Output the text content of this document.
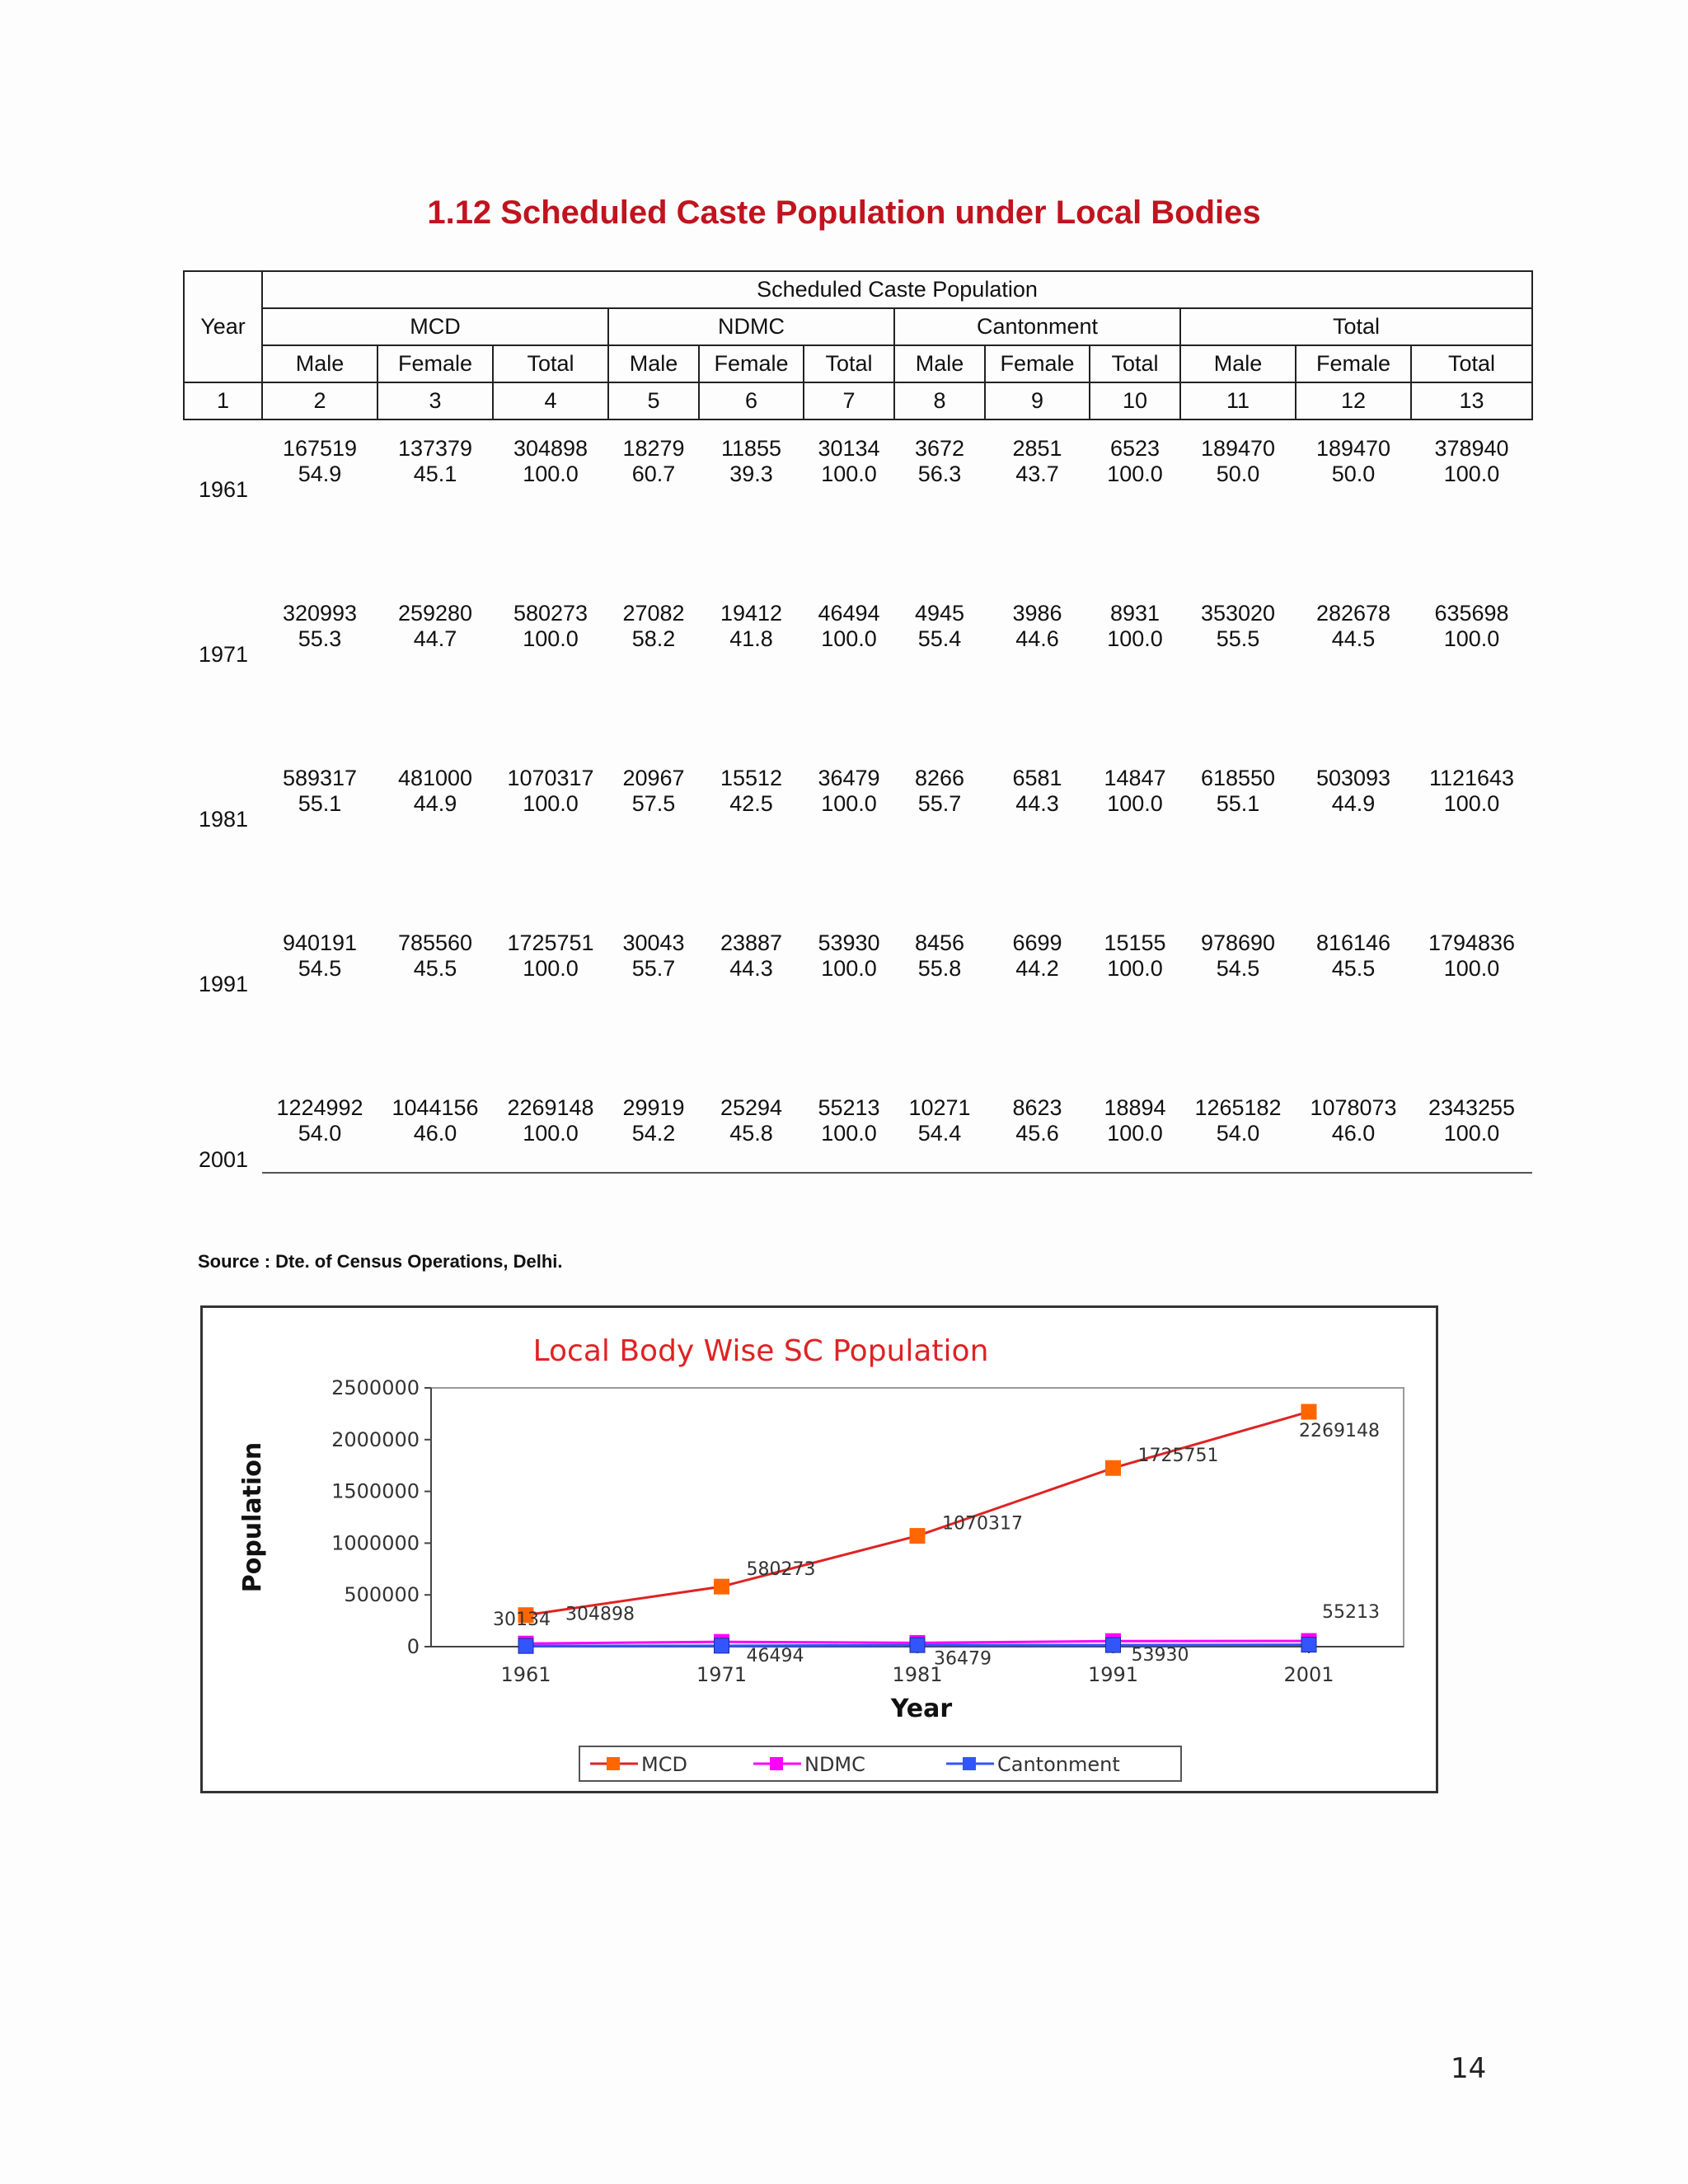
1.12 Scheduled Caste Population under Local Bodies
Year	Scheduled Caste Population											
	MCD			NDMC			Cantonment			Total		
	Male	Female	Total	Male	Female	Total	Male	Female	Total	Male	Female	Total
1	2	3	4	5	6	7	8	9	10	11	12	13
1961	167519	137379	304898	18279	11855	30134	3672	2851	6523	189470	189470	378940
	54.9	45.1	100.0	60.7	39.3	100.0	56.3	43.7	100.0	50.0	50.0	100.0

1971	320993	259280	580273	27082	19412	46494	4945	3986	8931	353020	282678	635698
	55.3	44.7	100.0	58.2	41.8	100.0	55.4	44.6	100.0	55.5	44.5	100.0

1981	589317	481000	1070317	20967	15512	36479	8266	6581	14847	618550	503093	1121643
	55.1	44.9	100.0	57.5	42.5	100.0	55.7	44.3	100.0	55.1	44.9	100.0

1991	940191	785560	1725751	30043	23887	53930	8456	6699	15155	978690	816146	1794836
	54.5	45.5	100.0	55.7	44.3	100.0	55.8	44.2	100.0	54.5	45.5	100.0

2001	1224992	1044156	2269148	29919	25294	55213	10271	8623	18894	1265182	1078073	2343255
	54.0	46.0	100.0	54.2	45.8	100.0	54.4	45.6	100.0	54.0	46.0	100.0
Source : Dte. of Census Operations, Delhi.
Local Body Wise SC Population
0
500000
1000000
1500000
2000000
2500000
1961	1971	1981	1991	2001
Year
Population
304898
580273
1070317
1725751
2269148
30134
46494	36479	53930
55213
MCD	NDMC	Cantonment
14
